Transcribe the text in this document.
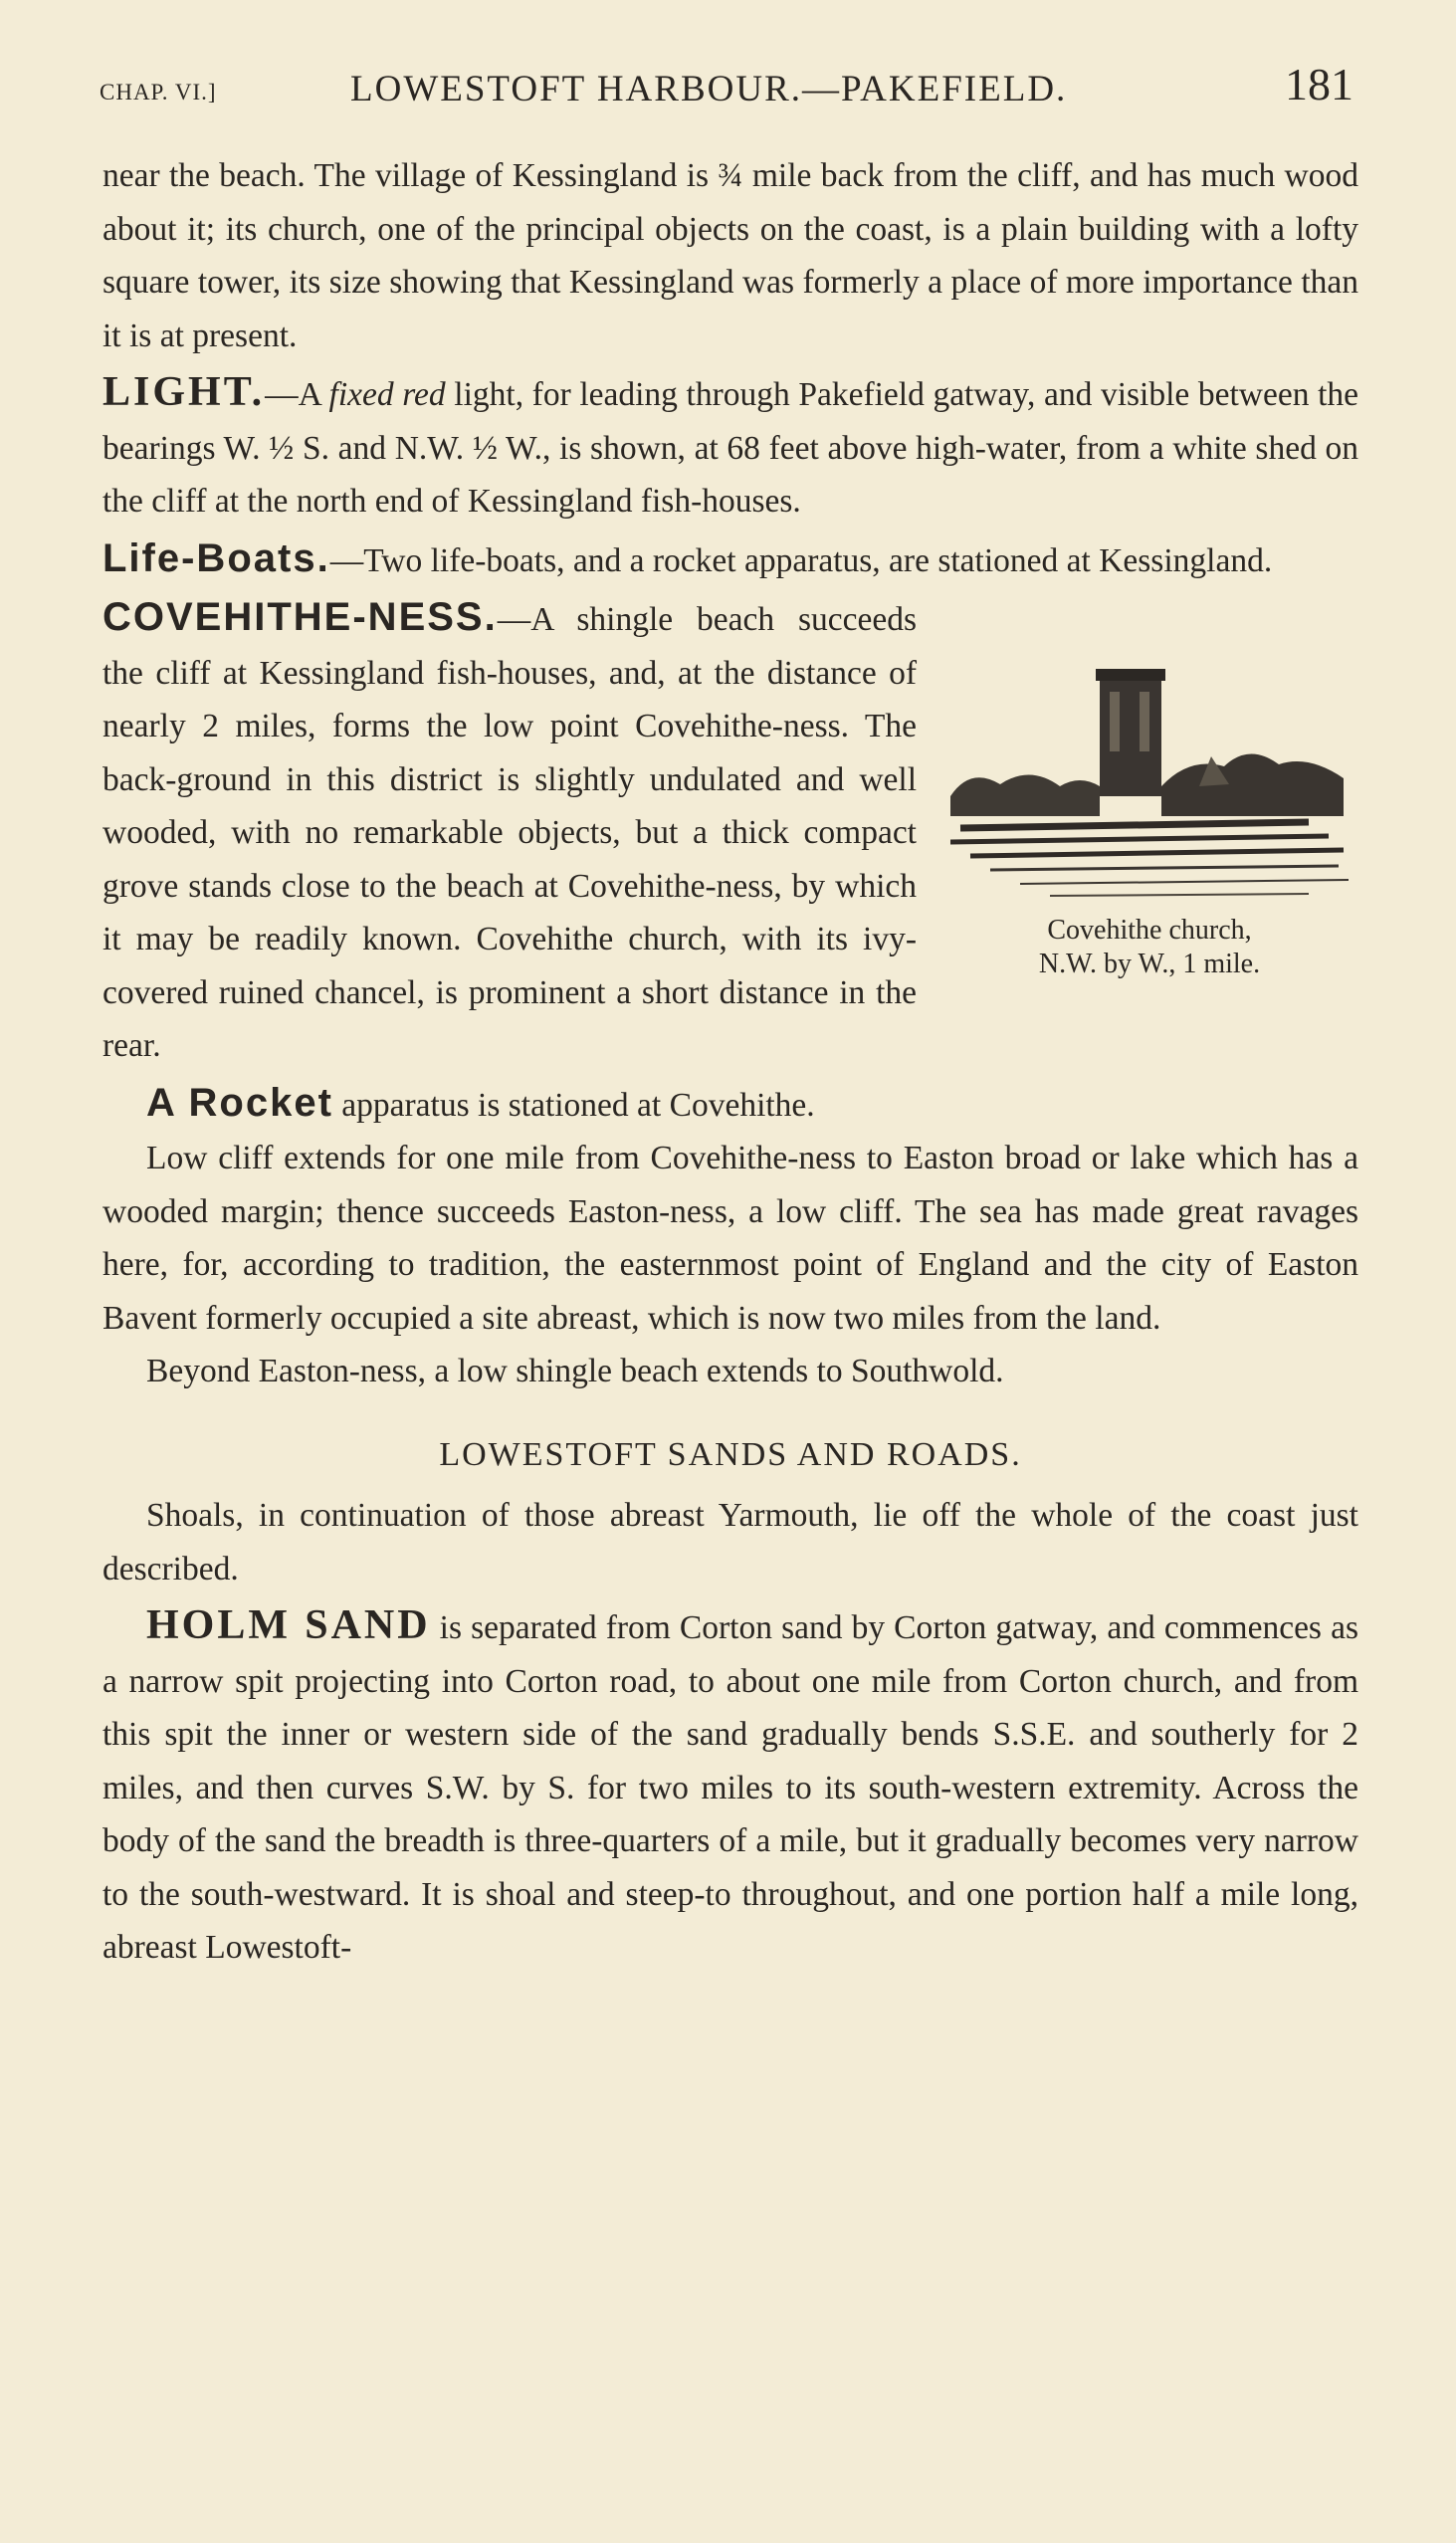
CHAP. VI.]	LOWESTOFT HARBOUR.—PAKEFIELD.	181

near the beach. The village of Kessingland is ¾ mile back from the cliff, and has much wood about it; its church, one of the principal objects on the coast, is a plain building with a lofty square tower, its size showing that Kessingland was formerly a place of more importance than it is at present.

LIGHT.—A fixed red light, for leading through Pakefield gatway, and visible between the bearings W. ½ S. and N.W. ½ W., is shown, at 68 feet above high-water, from a white shed on the cliff at the north end of Kessingland fish-houses.

Life-Boats.—Two life-boats, and a rocket apparatus, are stationed at Kessingland.

Covehithe church,
N.W. by W., 1 mile.
COVEHITHE-NESS.—A shingle beach succeeds the cliff at Kessingland fish-houses, and, at the distance of nearly 2 miles, forms the low point Covehithe-ness. The back-ground in this district is slightly undulated and well wooded, with no remarkable objects, but a thick compact grove stands close to the beach at Covehithe-ness, by which it may be readily known. Covehithe church, with its ivy-covered ruined chancel, is prominent a short distance in the rear.

A Rocket apparatus is stationed at Covehithe.

Low cliff extends for one mile from Covehithe-ness to Easton broad or lake which has a wooded margin; thence succeeds Easton-ness, a low cliff. The sea has made great ravages here, for, according to tradition, the easternmost point of England and the city of Easton Bavent formerly occupied a site abreast, which is now two miles from the land.

Beyond Easton-ness, a low shingle beach extends to Southwold.

LOWESTOFT SANDS AND ROADS.

Shoals, in continuation of those abreast Yarmouth, lie off the whole of the coast just described.

HOLM SAND is separated from Corton sand by Corton gatway, and commences as a narrow spit projecting into Corton road, to about one mile from Corton church, and from this spit the inner or western side of the sand gradually bends S.S.E. and southerly for 2 miles, and then curves S.W. by S. for two miles to its south-western extremity. Across the body of the sand the breadth is three-quarters of a mile, but it gradually becomes very narrow to the south-westward. It is shoal and steep-to throughout, and one portion half a mile long, abreast Lowestoft-
